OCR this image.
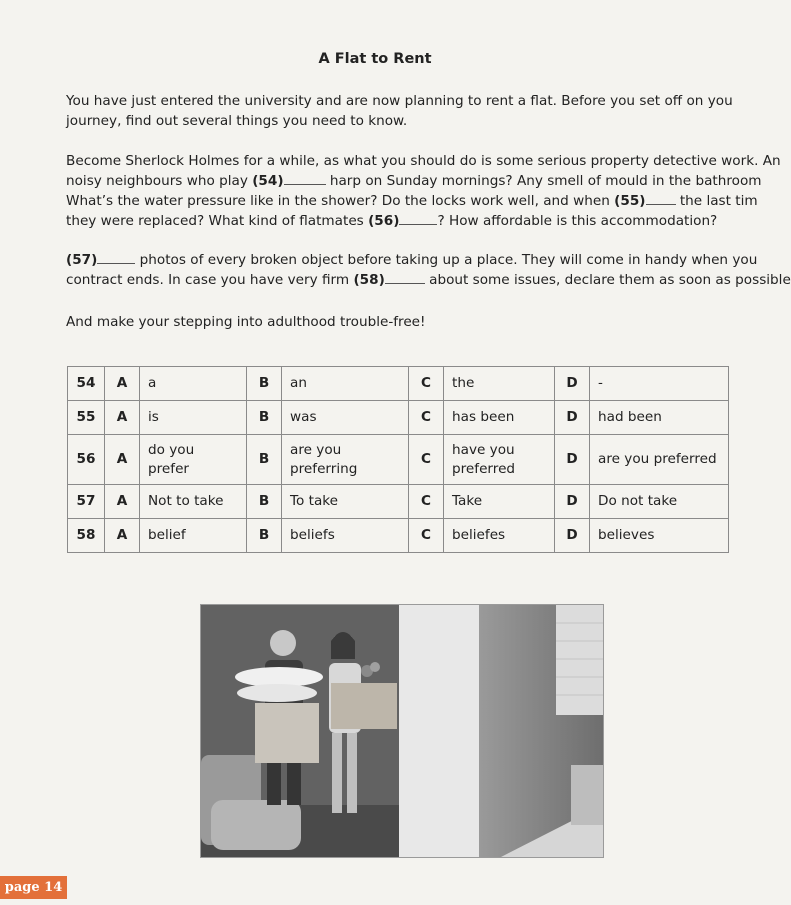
A Flat to Rent
You have just entered the university and are now planning to rent a flat. Before you set off on you
journey, find out several things you need to know.
Become Sherlock Holmes for a while, as what you should do is some serious property detective work. An
noisy neighbours who play (54)	harp on Sunday mornings? Any smell of mould in the bathroom
What’s the water pressure like in the shower? Do the locks work well, and when (55) the last tim
they were replaced? What kind of flatmates (56)	? How affordable is this accommodation?
(57)	photos of every broken object before taking up a place. They will come in handy when you
contract ends. In case you have very firm (58)	about some issues, declare them as soon as possible
And make your stepping into adulthood trouble-free!
54	A	a	B	an	C	the	D	-
55	A	is	B	was	C	has been	D	had been
56	A	do you prefer	B	are you preferring	C	have you preferred	D	are you preferred
57	A	Not to take	B	To take	C	Take	D	Do not take
58	A	belief	B	beliefs	C	beliefes	D	believes
page 14
